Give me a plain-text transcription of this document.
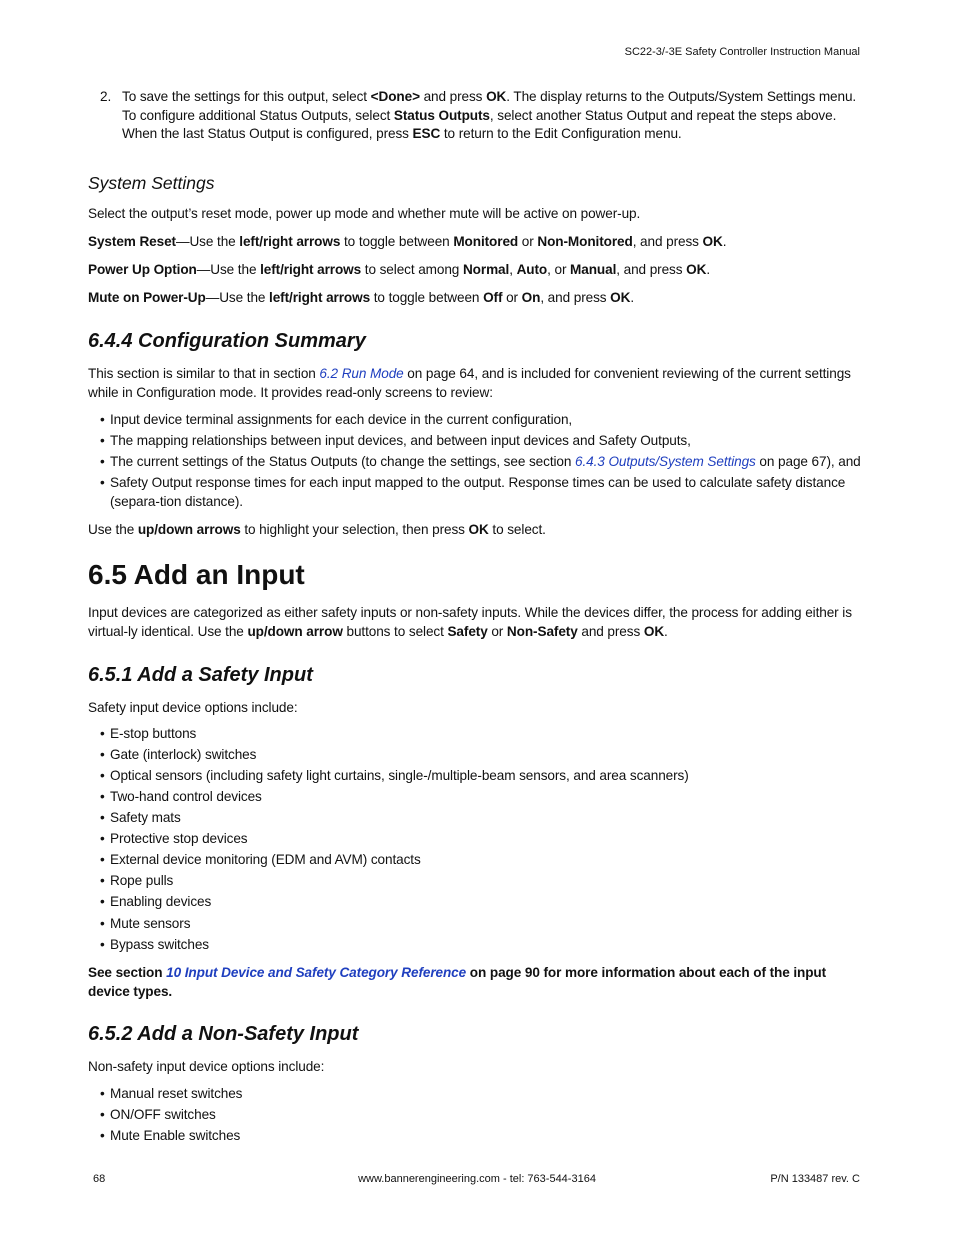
SC22-3/-3E Safety Controller Instruction Manual
2. To save the settings for this output, select <Done> and press OK. The display returns to the Outputs/System Settings menu. To configure additional Status Outputs, select Status Outputs, select another Status Output and repeat the steps above. When the last Status Output is configured, press ESC to return to the Edit Configuration menu.
System Settings
Select the output’s reset mode, power up mode and whether mute will be active on power-up.
System Reset—Use the left/right arrows to toggle between Monitored or Non-Monitored, and press OK.
Power Up Option—Use the left/right arrows to select among Normal, Auto, or Manual, and press OK.
Mute on Power-Up—Use the left/right arrows to toggle between Off or On, and press OK.
6.4.4 Configuration Summary
This section is similar to that in section 6.2 Run Mode on page 64, and is included for convenient reviewing of the current settings while in Configuration mode. It provides read-only screens to review:
• Input device terminal assignments for each device in the current configuration,
• The mapping relationships between input devices, and between input devices and Safety Outputs,
• The current settings of the Status Outputs (to change the settings, see section 6.4.3 Outputs/System Settings on page 67), and
• Safety Output response times for each input mapped to the output. Response times can be used to calculate safety distance (separa-tion distance).
Use the up/down arrows to highlight your selection, then press OK to select.
6.5 Add an Input
Input devices are categorized as either safety inputs or non-safety inputs. While the devices differ, the process for adding either is virtual-ly identical. Use the up/down arrow buttons to select Safety or Non-Safety and press OK.
6.5.1 Add a Safety Input
Safety input device options include:
• E-stop buttons
• Gate (interlock) switches
• Optical sensors (including safety light curtains, single-/multiple-beam sensors, and area scanners)
• Two-hand control devices
• Safety mats
• Protective stop devices
• External device monitoring (EDM and AVM) contacts
• Rope pulls
• Enabling devices
• Mute sensors
• Bypass switches
See section 10 Input Device and Safety Category Reference on page 90 for more information about each of the input device types.
6.5.2 Add a Non-Safety Input
Non-safety input device options include:
• Manual reset switches
• ON/OFF switches
• Mute Enable switches
68	www.bannerengineering.com - tel: 763-544-3164	P/N 133487 rev. C
